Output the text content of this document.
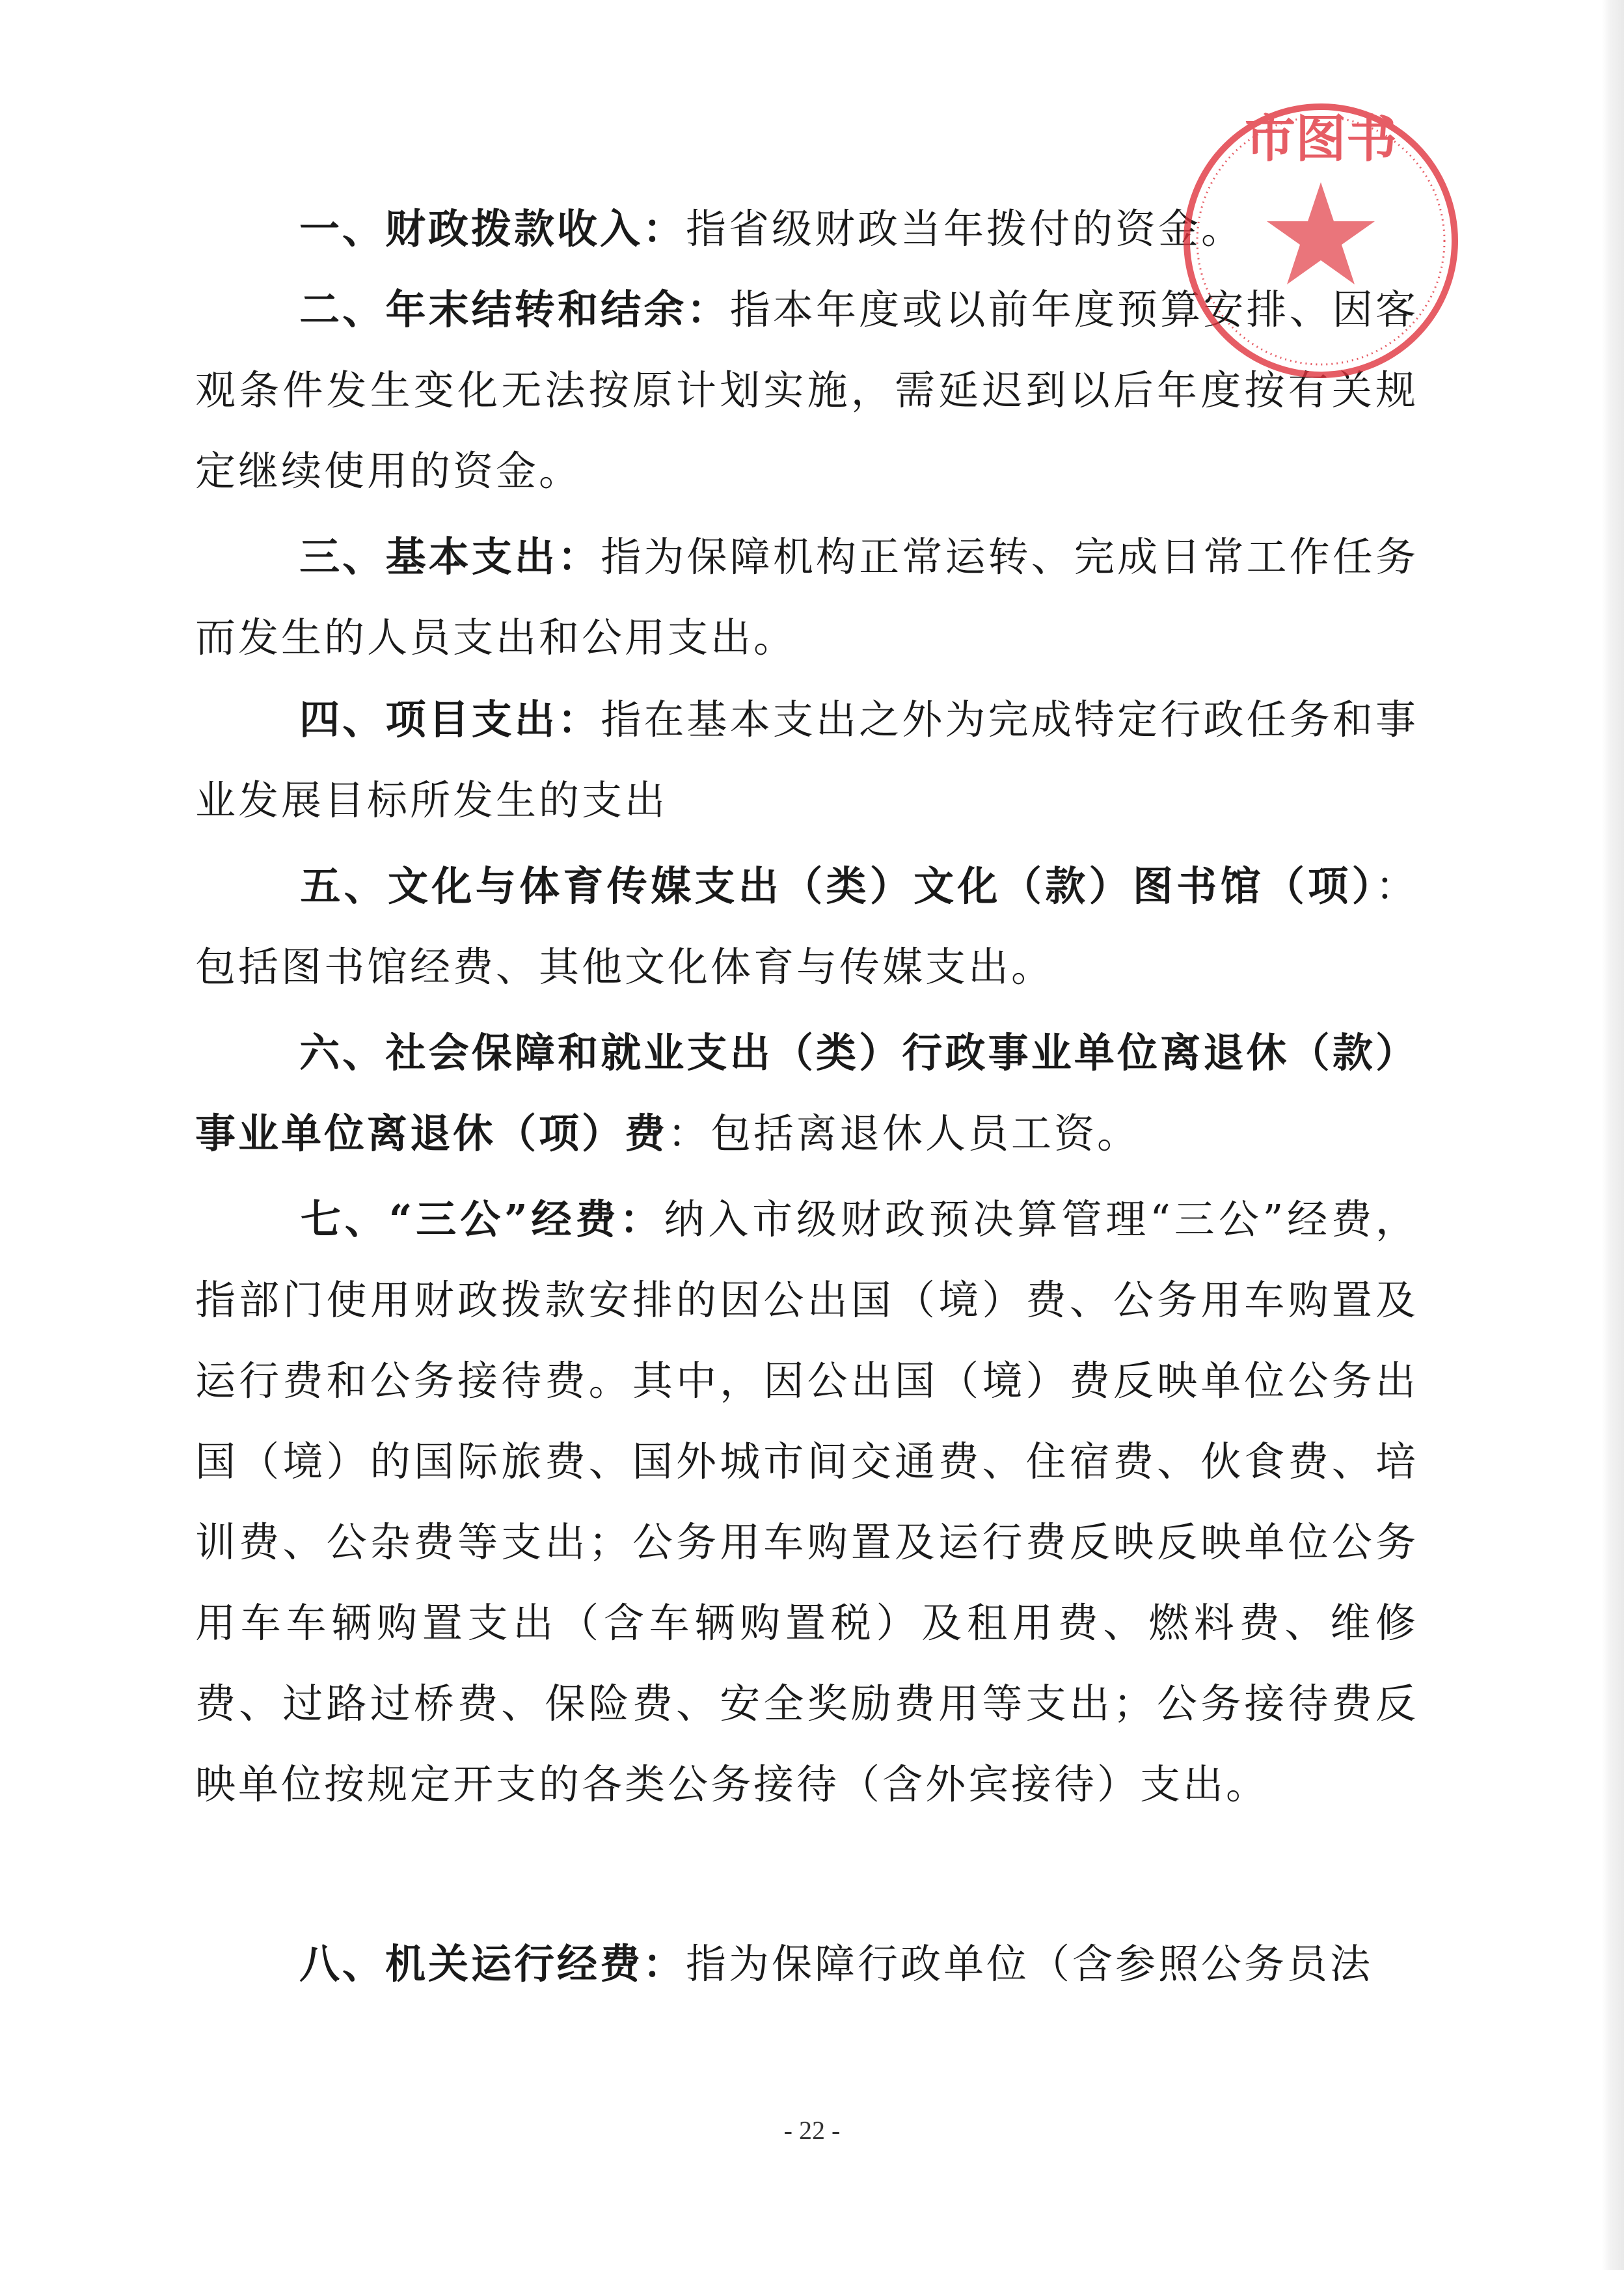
一、财政拨款收入：指省级财政当年拨付的资金。

二、年末结转和结余：指本年度或以前年度预算安排、因客观条件发生变化无法按原计划实施，需延迟到以后年度按有关规定继续使用的资金。

三、基本支出：指为保障机构正常运转、完成日常工作任务而发生的人员支出和公用支出。

四、项目支出：指在基本支出之外为完成特定行政任务和事业发展目标所发生的支出

五、文化与体育传媒支出（类）文化（款）图书馆（项）：包括图书馆经费、其他文化体育与传媒支出。

六、社会保障和就业支出（类）行政事业单位离退休（款）事业单位离退休（项）费：包括离退休人员工资。

七、“三公”经费：纳入市级财政预决算管理“三公”经费，指部门使用财政拨款安排的因公出国（境）费、公务用车购置及运行费和公务接待费。其中，因公出国（境）费反映单位公务出国（境）的国际旅费、国外城市间交通费、住宿费、伙食费、培训费、公杂费等支出；公务用车购置及运行费反映反映单位公务用车车辆购置支出（含车辆购置税）及租用费、燃料费、维修费、过路过桥费、保险费、安全奖励费用等支出；公务接待费反映单位按规定开支的各类公务接待（含外宾接待）支出。

八、机关运行经费：指为保障行政单位（含参照公务员法

- 22 -
市图书
